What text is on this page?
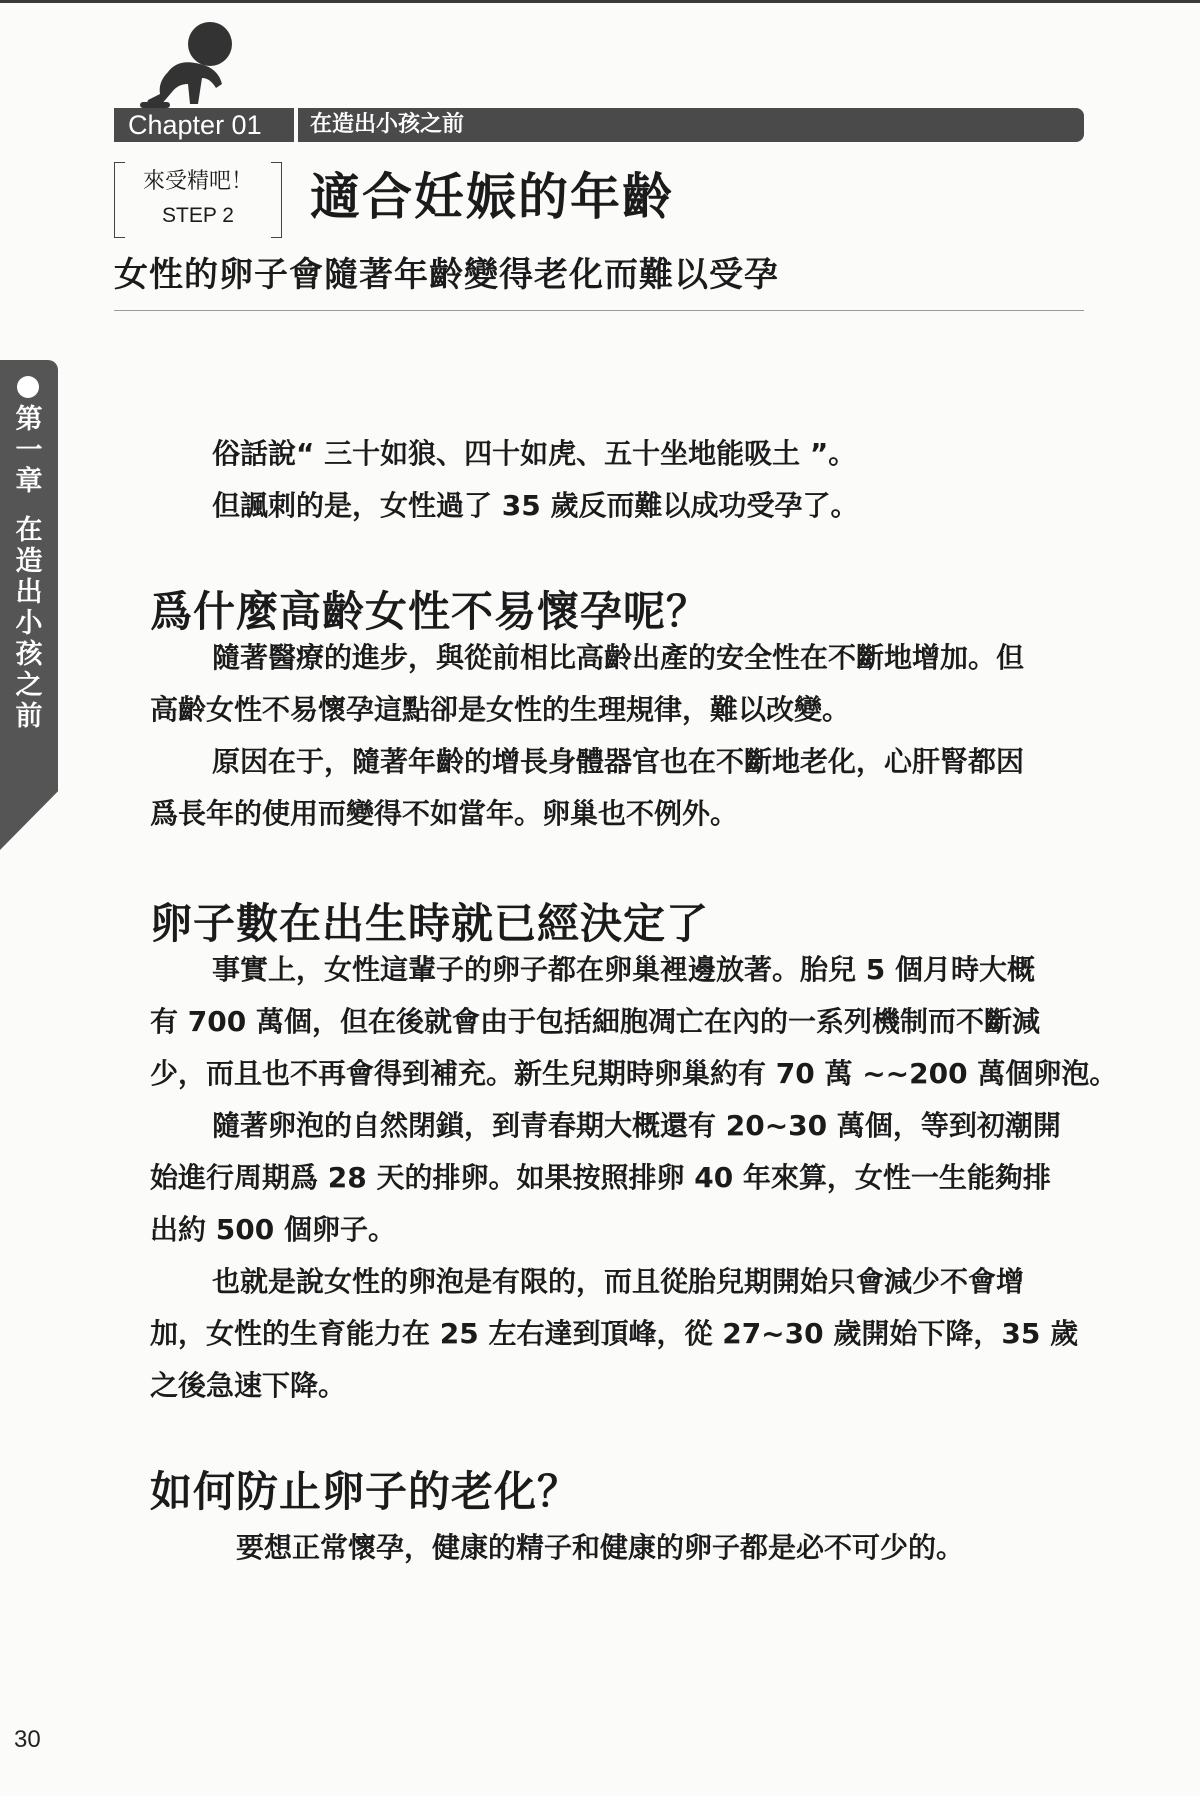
Chapter 01	在造出小孩之前
來受精吧！
STEP 2	適合妊娠的年齡
女性的卵子會隨著年齡變得老化而難以受孕
第一章
在造出小孩之前
俗話說“ 三十如狼、四十如虎、五十坐地能吸土 ”。
但諷刺的是，女性過了 35 歲反而難以成功受孕了。
爲什麼高齡女性不易懷孕呢？
隨著醫療的進步，與從前相比高齡出產的安全性在不斷地增加。但
高齡女性不易懷孕這點卻是女性的生理規律，難以改變。
原因在于，隨著年齡的增長身體器官也在不斷地老化，心肝腎都因
爲長年的使用而變得不如當年。卵巢也不例外。
卵子數在出生時就已經決定了
事實上，女性這輩子的卵子都在卵巢裡邊放著。胎兒 5 個月時大概
有 700 萬個，但在後就會由于包括細胞凋亡在內的一系列機制而不斷減
少，而且也不再會得到補充。新生兒期時卵巢約有 70 萬 ~~200 萬個卵泡。
隨著卵泡的自然閉鎖，到青春期大概還有 20~30 萬個，等到初潮開
始進行周期爲 28 天的排卵。如果按照排卵 40 年來算，女性一生能夠排
出約 500 個卵子。
也就是說女性的卵泡是有限的，而且從胎兒期開始只會減少不會增
加，女性的生育能力在 25 左右達到頂峰，從 27~30 歲開始下降，35 歲
之後急速下降。
如何防止卵子的老化？
要想正常懷孕，健康的精子和健康的卵子都是必不可少的。
30
